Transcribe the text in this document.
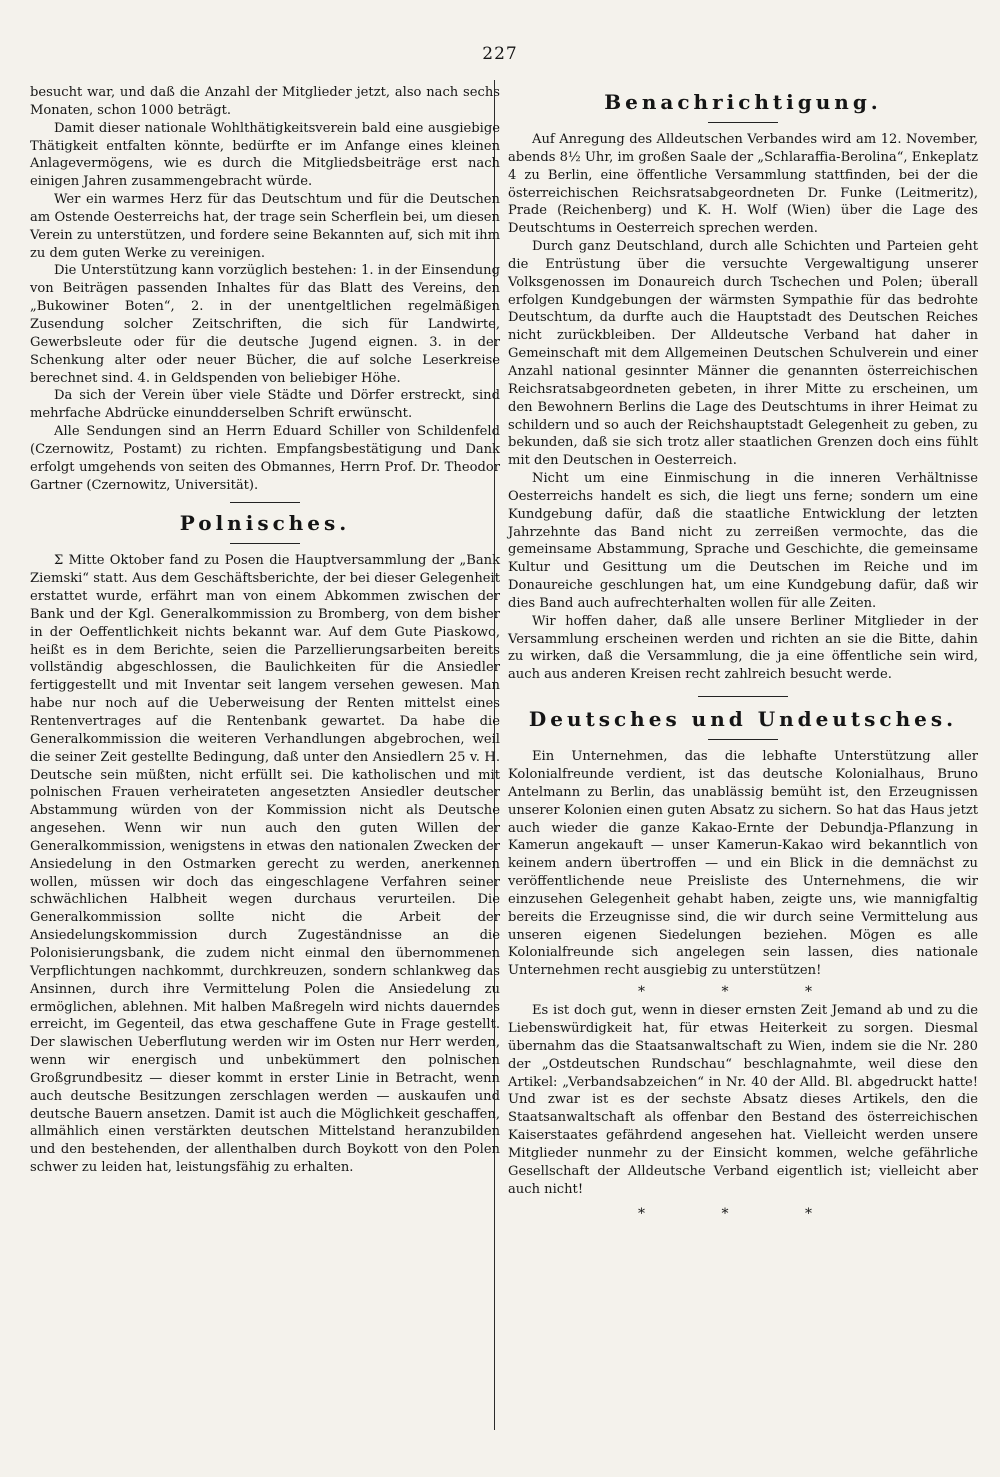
227

besucht war, und daß die Anzahl der Mitglieder jetzt, also nach sechs Monaten, schon 1000 beträgt.

Damit dieser nationale Wohlthätigkeitsverein bald eine ausgiebige Thätigkeit entfalten könnte, bedürfte er im Anfange eines kleinen Anlagevermögens, wie es durch die Mitgliedsbeiträge erst nach einigen Jahren zusammengebracht würde.

Wer ein warmes Herz für das Deutschtum und für die Deutschen am Ostende Oesterreichs hat, der trage sein Scherflein bei, um diesen Verein zu unterstützen, und fordere seine Bekannten auf, sich mit ihm zu dem guten Werke zu vereinigen.

Die Unterstützung kann vorzüglich bestehen: 1. in der Einsendung von Beiträgen passenden Inhaltes für das Blatt des Vereins, den „Bukowiner Boten“, 2. in der unentgeltlichen regelmäßigen Zusendung solcher Zeitschriften, die sich für Landwirte, Gewerbsleute oder für die deutsche Jugend eignen. 3. in der Schenkung alter oder neuer Bücher, die auf solche Leserkreise berechnet sind. 4. in Geldspenden von beliebiger Höhe.

Da sich der Verein über viele Städte und Dörfer erstreckt, sind mehrfache Abdrücke einundderselben Schrift erwünscht.

Alle Sendungen sind an Herrn Eduard Schiller von Schildenfeld (Czernowitz, Postamt) zu richten. Empfangsbestätigung und Dank erfolgt umgehends von seiten des Obmannes, Herrn Prof. Dr. Theodor Gartner (Czernowitz, Universität).

Polnisches.

Σ Mitte Oktober fand zu Posen die Hauptversammlung der „Bank Ziemski“ statt. Aus dem Geschäftsberichte, der bei dieser Gelegenheit erstattet wurde, erfährt man von einem Abkommen zwischen der Bank und der Kgl. Generalkommission zu Bromberg, von dem bisher in der Oeffentlichkeit nichts bekannt war. Auf dem Gute Piaskowo, heißt es in dem Berichte, seien die Parzellierungsarbeiten bereits vollständig abgeschlossen, die Baulichkeiten für die Ansiedler fertiggestellt und mit Inventar seit langem versehen gewesen. Man habe nur noch auf die Ueberweisung der Renten mittelst eines Rentenvertrages auf die Rentenbank gewartet. Da habe die Generalkommission die weiteren Verhandlungen abgebrochen, weil die seiner Zeit gestellte Bedingung, daß unter den Ansiedlern 25 v. H. Deutsche sein müßten, nicht erfüllt sei. Die katholischen und mit polnischen Frauen verheirateten angesetzten Ansiedler deutscher Abstammung würden von der Kommission nicht als Deutsche angesehen. Wenn wir nun auch den guten Willen der Generalkommission, wenigstens in etwas den nationalen Zwecken der Ansiedelung in den Ostmarken gerecht zu werden, anerkennen wollen, müssen wir doch das eingeschlagene Verfahren seiner schwächlichen Halbheit wegen durchaus verurteilen. Die Generalkommission sollte nicht die Arbeit der Ansiedelungskommission durch Zugeständnisse an die Polonisierungsbank, die zudem nicht einmal den übernommenen Verpflichtungen nachkommt, durchkreuzen, sondern schlankweg das Ansinnen, durch ihre Vermittelung Polen die Ansiedelung zu ermöglichen, ablehnen. Mit halben Maßregeln wird nichts dauerndes erreicht, im Gegenteil, das etwa geschaffene Gute in Frage gestellt. Der slawischen Ueberflutung werden wir im Osten nur Herr werden, wenn wir energisch und unbekümmert den polnischen Großgrundbesitz — dieser kommt in erster Linie in Betracht, wenn auch deutsche Besitzungen zerschlagen werden — auskaufen und deutsche Bauern ansetzen. Damit ist auch die Möglichkeit geschaffen, allmählich einen verstärkten deutschen Mittelstand heranzubilden und den bestehenden, der allenthalben durch Boykott von den Polen schwer zu leiden hat, leistungsfähig zu erhalten.

Benachrichtigung.

Auf Anregung des Alldeutschen Verbandes wird am 12. November, abends 8½ Uhr, im großen Saale der „Schlaraffia-Berolina“, Enkeplatz 4 zu Berlin, eine öffentliche Versammlung stattfinden, bei der die österreichischen Reichsratsabgeordneten Dr. Funke (Leitmeritz), Prade (Reichenberg) und K. H. Wolf (Wien) über die Lage des Deutschtums in Oesterreich sprechen werden.

Durch ganz Deutschland, durch alle Schichten und Parteien geht die Entrüstung über die versuchte Vergewaltigung unserer Volksgenossen im Donaureich durch Tschechen und Polen; überall erfolgen Kundgebungen der wärmsten Sympathie für das bedrohte Deutschtum, da durfte auch die Hauptstadt des Deutschen Reiches nicht zurückbleiben. Der Alldeutsche Verband hat daher in Gemeinschaft mit dem Allgemeinen Deutschen Schulverein und einer Anzahl national gesinnter Männer die genannten österreichischen Reichsratsabgeordneten gebeten, in ihrer Mitte zu erscheinen, um den Bewohnern Berlins die Lage des Deutschtums in ihrer Heimat zu schildern und so auch der Reichshauptstadt Gelegenheit zu geben, zu bekunden, daß sie sich trotz aller staatlichen Grenzen doch eins fühlt mit den Deutschen in Oesterreich.

Nicht um eine Einmischung in die inneren Verhältnisse Oesterreichs handelt es sich, die liegt uns ferne; sondern um eine Kundgebung dafür, daß die staatliche Entwicklung der letzten Jahrzehnte das Band nicht zu zerreißen vermochte, das die gemeinsame Abstammung, Sprache und Geschichte, die gemeinsame Kultur und Gesittung um die Deutschen im Reiche und im Donaureiche geschlungen hat, um eine Kundgebung dafür, daß wir dies Band auch aufrechterhalten wollen für alle Zeiten.

Wir hoffen daher, daß alle unsere Berliner Mitglieder in der Versammlung erscheinen werden und richten an sie die Bitte, dahin zu wirken, daß die Versammlung, die ja eine öffentliche sein wird, auch aus anderen Kreisen recht zahlreich besucht werde.

Deutsches und Undeutsches.

Ein Unternehmen, das die lebhafte Unterstützung aller Kolonialfreunde verdient, ist das deutsche Kolonialhaus, Bruno Antelmann zu Berlin, das unablässig bemüht ist, den Erzeugnissen unserer Kolonien einen guten Absatz zu sichern. So hat das Haus jetzt auch wieder die ganze Kakao-Ernte der Debundja-Pflanzung in Kamerun angekauft — unser Kamerun-Kakao wird bekanntlich von keinem andern übertroffen — und ein Blick in die demnächst zu veröffentlichende neue Preisliste des Unternehmens, die wir einzusehen Gelegenheit gehabt haben, zeigte uns, wie mannigfaltig bereits die Erzeugnisse sind, die wir durch seine Vermittelung aus unseren eigenen Siedelungen beziehen. Mögen es alle Kolonialfreunde sich angelegen sein lassen, dies nationale Unternehmen recht ausgiebig zu unterstützen!

* * *

Es ist doch gut, wenn in dieser ernsten Zeit Jemand ab und zu die Liebenswürdigkeit hat, für etwas Heiterkeit zu sorgen. Diesmal übernahm das die Staatsanwaltschaft zu Wien, indem sie die Nr. 280 der „Ostdeutschen Rundschau“ beschlagnahmte, weil diese den Artikel: „Verbandsabzeichen“ in Nr. 40 der Alld. Bl. abgedruckt hatte! Und zwar ist es der sechste Absatz dieses Artikels, den die Staatsanwaltschaft als offenbar den Bestand des österreichischen Kaiserstaates gefährdend angesehen hat. Vielleicht werden unsere Mitglieder nunmehr zu der Einsicht kommen, welche gefährliche Gesellschaft der Alldeutsche Verband eigentlich ist; vielleicht aber auch nicht!

* * *
